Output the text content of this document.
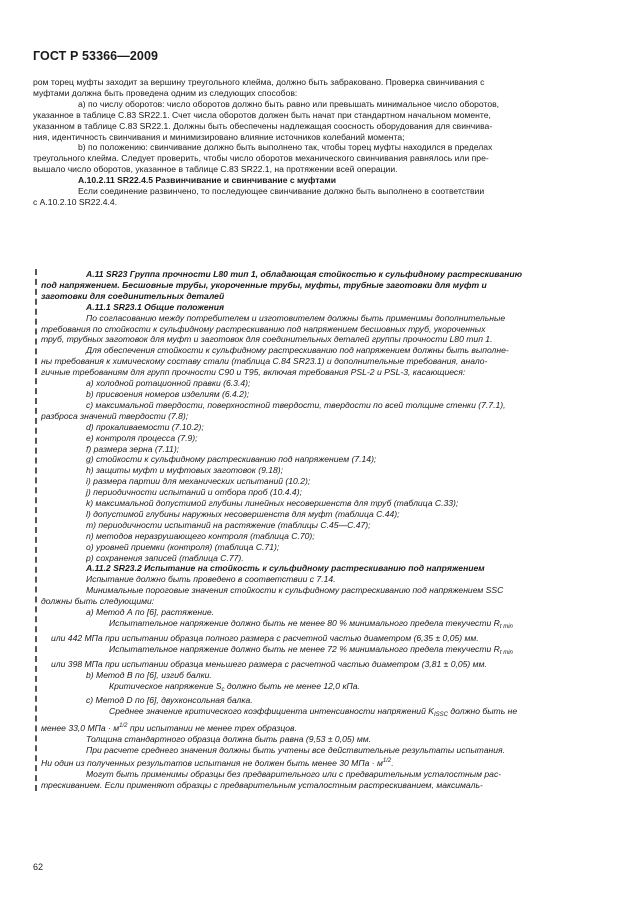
ГОСТ Р 53366—2009

ром торец муфты заходит за вершину треугольного клейма, должно быть забраковано. Проверка свинчивания с

муфтами должна быть проведена одним из следующих способов:

а) по числу оборотов: число оборотов должно быть равно или превышать минимальное число оборотов,

указанное в таблице С.83 SR22.1. Счет числа оборотов должен быть начат при стандартном начальном моменте,

указанном в таблице С.83 SR22.1. Должны быть обеспечены надлежащая соосность оборудования для свинчива-

ния, идентичность свинчивания и минимизировано влияние источников колебаний момента;

b) по положению: свинчивание должно быть выполнено так, чтобы торец муфты находился в пределах

треугольного клейма. Следует проверить, чтобы число оборотов механического свинчивания равнялось или пре-

вышало число оборотов, указанное в таблице С.83 SR22.1, на протяжении всей операции.

А.10.2.11 SR22.4.5 Развинчивание и свинчивание с муфтами

Если соединение развинчено, то последующее свинчивание должно быть выполнено в соответствии

с А.10.2.10 SR22.4.4.

А.11 SR23 Группа прочности L80 тип 1, обладающая стойкостью к сульфидному растрескиванию

под напряжением. Бесшовные трубы, укороченные трубы, муфты, трубные заготовки для муфт и

заготовки для соединительных деталей

А.11.1 SR23.1 Общие положения

По согласованию между потребителем и изготовителем должны быть применимы дополнительные

требования по стойкости к сульфидному растрескиванию под напряжением бесшовных труб, укороченных

труб, трубных заготовок для муфт и заготовок для соединительных деталей группы прочности L80 тип 1.

Для обеспечения стойкости к сульфидному растрескиванию под напряжением должны быть выполне-

ны требования к химическому составу стали (таблица С.84 SR23.1) и дополнительные требования, анало-

гичные требованиям для групп прочности С90 и Т95, включая требования PSL-2 и PSL-3, касающиеся:

а) холодной ротационной правки (6.3.4);

b) присвоения номеров изделиям (6.4.2);

с) максимальной твердости, поверхностной твердости, твердости по всей толщине стенки (7.7.1),

разброса значений твердости (7.8);

d) прокаливаемости (7.10.2);

е) контроля процесса (7.9);

f) размера зерна (7.11);

g) стойкости к сульфидному растрескиванию под напряжением (7.14);

h) защиты муфт и муфтовых заготовок (9.18);

i) размера партии для механических испытаний (10.2);

j) периодичности испытаний и отбора проб (10.4.4);

k) максимальной допустимой глубины линейных несовершенств для труб (таблица С.33);

l) допустимой глубины наружных несовершенств для муфт (таблица С.44);

m) периодичности испытаний на растяжение (таблицы С.45—С.47);

n) методов неразрушающего контроля (таблица С.70);

о) уровней приемки (контроля) (таблица С.71);

р) сохранения записей (таблица С.77).

А.11.2 SR23.2 Испытание на стойкость к сульфидному растрескиванию под напряжением

Испытание должно быть проведено в соответствии с 7.14.

Минимальные пороговые значения стойкости к сульфидному растрескиванию под напряжением SSC

должны быть следующими:

а) Метод А по [6], растяжение.

Испытательное напряжение должно быть не менее 80 % минимального предела текучести $R_{t min}$

или 442 МПа при испытании образца полного размера с расчетной частью диаметром (6,35 ± 0,05) мм.

Испытательное напряжение должно быть не менее 72 % минимального предела текучести $R_{t min}$

или 398 МПа при испытании образца меньшего размера с расчетной частью диаметром (3,81 ± 0,05) мм.

b) Метод В по [6], изгиб балки.

Критическое напряжение $S_c$ должно быть не менее 12,0 кПа.

с) Метод D по [6], двухконсольная балка.

Среднее значение критического коэффициента интенсивности напряжений $K_{ISSC}$ должно быть не

менее 33,0 МПа · $м^{1/2}$ при испытании не менее трех образцов.

Толщина стандартного образца должна быть равна (9,53 ± 0,05) мм.

При расчете среднего значения должны быть учтены все действительные результаты испытания.

Ни один из полученных результатов испытания не должен быть менее 30 МПа · $м^{1/2}$.

Могут быть применимы образцы без предварительного или с предварительным усталостным рас-

трескиванием. Если применяют образцы с предварительным усталостным растрескиванием, максималь-

62
